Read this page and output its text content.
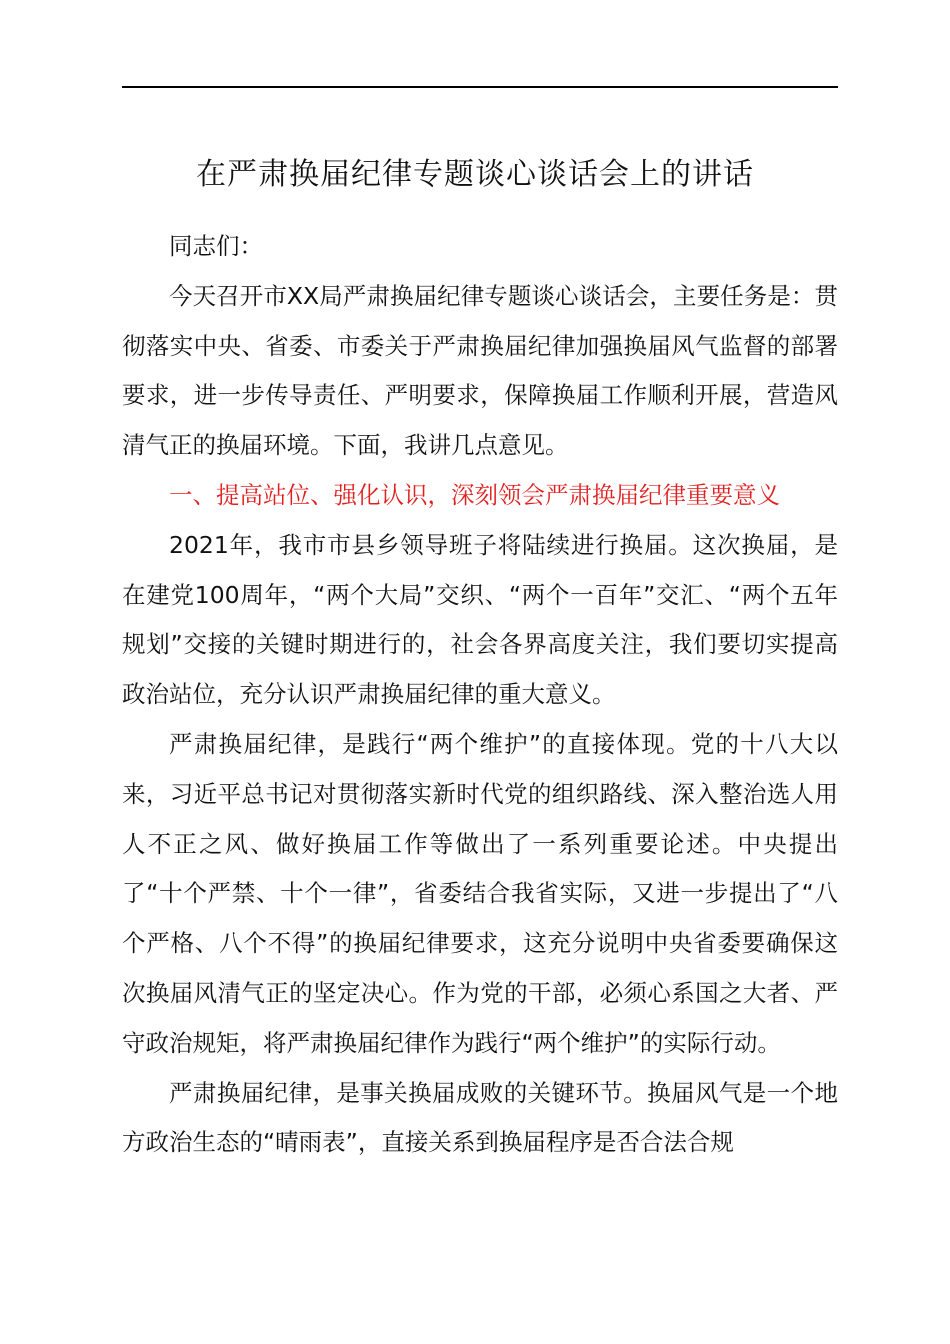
在严肃换届纪律专题谈心谈话会上的讲话

同志们：

今天召开市XX局严肃换届纪律专题谈心谈话会，主要任务是：贯彻落实中央、省委、市委关于严肃换届纪律加强换届风气监督的部署要求，进一步传导责任、严明要求，保障换届工作顺利开展，营造风清气正的换届环境。下面，我讲几点意见。

一、提高站位、强化认识，深刻领会严肃换届纪律重要意义

2021年，我市市县乡领导班子将陆续进行换届。这次换届，是在建党100周年，“两个大局”交织、“两个一百年”交汇、“两个五年规划”交接的关键时期进行的，社会各界高度关注，我们要切实提高政治站位，充分认识严肃换届纪律的重大意义。

严肃换届纪律，是践行“两个维护”的直接体现。党的十八大以来，习近平总书记对贯彻落实新时代党的组织路线、深入整治选人用人不正之风、做好换届工作等做出了一系列重要论述。中央提出了“十个严禁、十个一律”，省委结合我省实际，又进一步提出了“八个严格、八个不得”的换届纪律要求，这充分说明中央省委要确保这次换届风清气正的坚定决心。作为党的干部，必须心系国之大者、严守政治规矩，将严肃换届纪律作为践行“两个维护”的实际行动。

严肃换届纪律，是事关换届成败的关键环节。换届风气是一个地方政治生态的“晴雨表”，直接关系到换届程序是否合法合规
